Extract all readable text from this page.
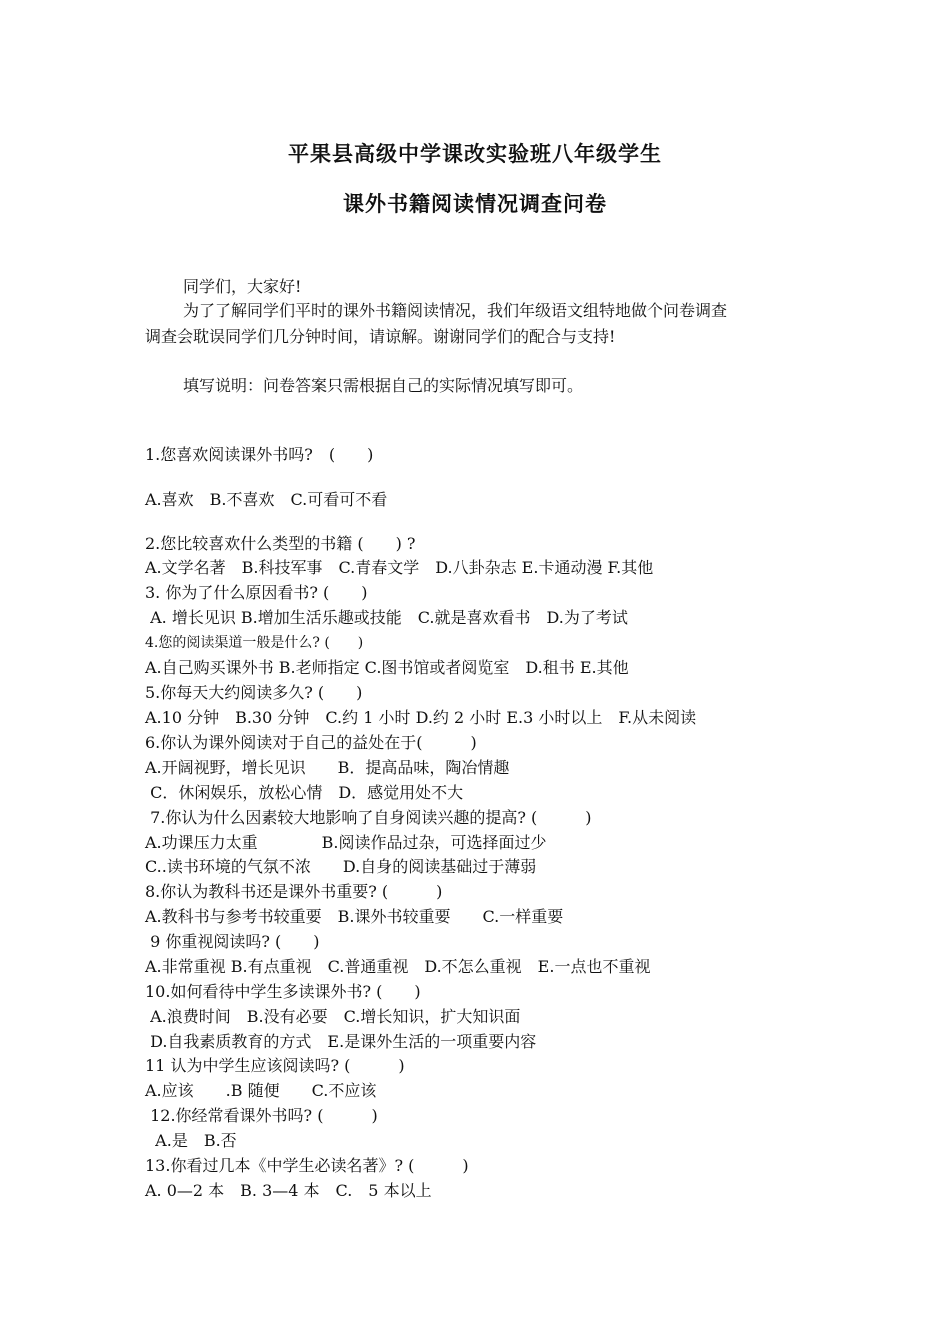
平果县高级中学课改实验班八年级学生
课外书籍阅读情况调查问卷
同学们，大家好!
为了了解同学们平时的课外书籍阅读情况，我们年级语文组特地做个问卷调查
调查会耽误同学们几分钟时间，请谅解。谢谢同学们的配合与支持!
填写说明：问卷答案只需根据自己的实际情况填写即可。
1.您喜欢阅读课外书吗?　(　　)
A.喜欢　B.不喜欢　C.可看可不看
2.您比较喜欢什么类型的书籍 (　　) ?
A.文学名著　B.科技军事　C.青春文学　D.八卦杂志 E.卡通动漫 F.其他
3. 你为了什么原因看书? (　　)
A. 增长见识 B.增加生活乐趣或技能　C.就是喜欢看书　D.为了考试
4.您的阅读渠道一般是什么? (　　)
A.自己购买课外书 B.老师指定 C.图书馆或者阅览室　D.租书 E.其他
5.你每天大约阅读多久? (　　)
A.10 分钟　B.30 分钟　C.约 1 小时 D.约 2 小时 E.3 小时以上　F.从未阅读
6.你认为课外阅读对于自己的益处在于(　　　)
A.开阔视野，增长见识　　B．提高品味，陶冶情趣
C．休闲娱乐，放松心情　D．感觉用处不大
7.你认为什么因素较大地影响了自身阅读兴趣的提高? (　　　)
A.功课压力太重　　　　B.阅读作品过杂，可选择面过少
C..读书环境的气氛不浓　　D.自身的阅读基础过于薄弱
8.你认为教科书还是课外书重要? (　　　)
A.教科书与参考书较重要　B.课外书较重要　　C.一样重要
9 你重视阅读吗? (　　)
A.非常重视 B.有点重视　C.普通重视　D.不怎么重视　E.一点也不重视
10.如何看待中学生多读课外书? (　　)
A.浪费时间　B.没有必要　C.增长知识，扩大知识面
D.自我素质教育的方式　E.是课外生活的一项重要内容
11 认为中学生应该阅读吗? (　　　)
A.应该　　.B 随便　　C.不应该
12.你经常看课外书吗? (　　　)
A.是　B.否
13.你看过几本《中学生必读名著》? (　　　)
A. 0—2 本　B. 3—4 本　C.　5 本以上
